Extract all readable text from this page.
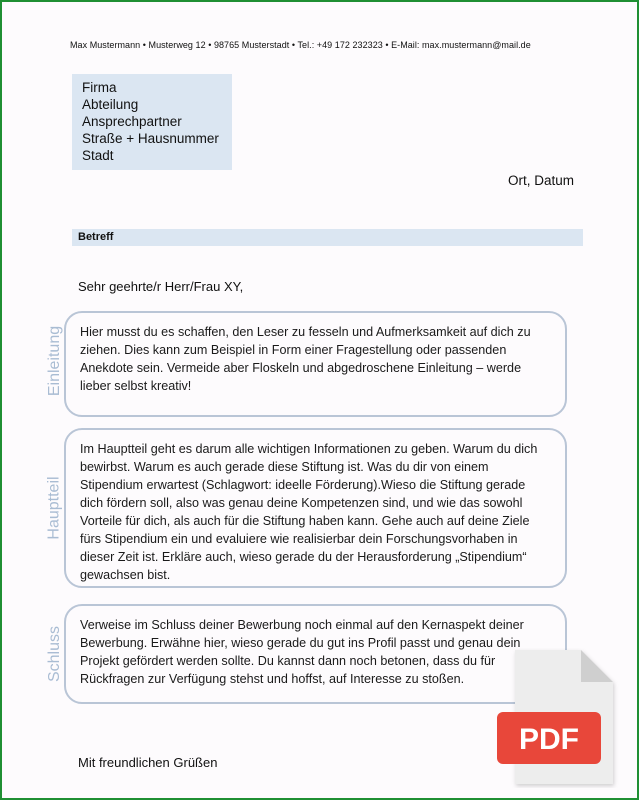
Max Mustermann • Musterweg 12 • 98765 Musterstadt • Tel.: +49 172 232323 • E-Mail: max.mustermann@mail.de
Firma
Abteilung
Ansprechpartner
Straße + Hausnummer
Stadt
Ort, Datum
Betreff
Sehr geehrte/r Herr/Frau XY,
Einleitung Hier musst du es schaffen, den Leser zu fesseln und Aufmerksamkeit auf dich zu ziehen. Dies kann zum Beispiel in Form einer Fragestellung oder passenden Anekdote sein. Vermeide aber Floskeln und abgedroschene Einleitung – werde lieber selbst kreativ!
Hauptteil
Im Hauptteil geht es darum alle wichtigen Informationen zu geben. Warum du dich bewirbst. Warum es auch gerade diese Stiftung ist. Was du dir von einem Stipendium erwartest (Schlagwort: ideelle Förderung).Wieso die Stiftung gerade dich fördern soll, also was genau deine Kompetenzen sind, und wie das sowohl Vorteile für dich, als auch für die Stiftung haben kann. Gehe auch auf deine Ziele fürs Stipendium ein und evaluiere wie realisierbar dein Forschungsvorhaben in dieser Zeit ist. Erkläre auch, wieso gerade du der Herausforderung „Stipendium“ gewachsen bist.
Schluss
Verweise im Schluss deiner Bewerbung noch einmal auf den Kernaspekt deiner Bewerbung. Erwähne hier, wieso gerade du gut ins Profil passt und genau dein Projekt gefördert werden sollte. Du kannst dann noch betonen, dass du für Rückfragen zur Verfügung stehst und hoffst, auf Interesse zu stoßen.
Mit freundlichen Grüßen
PDF
